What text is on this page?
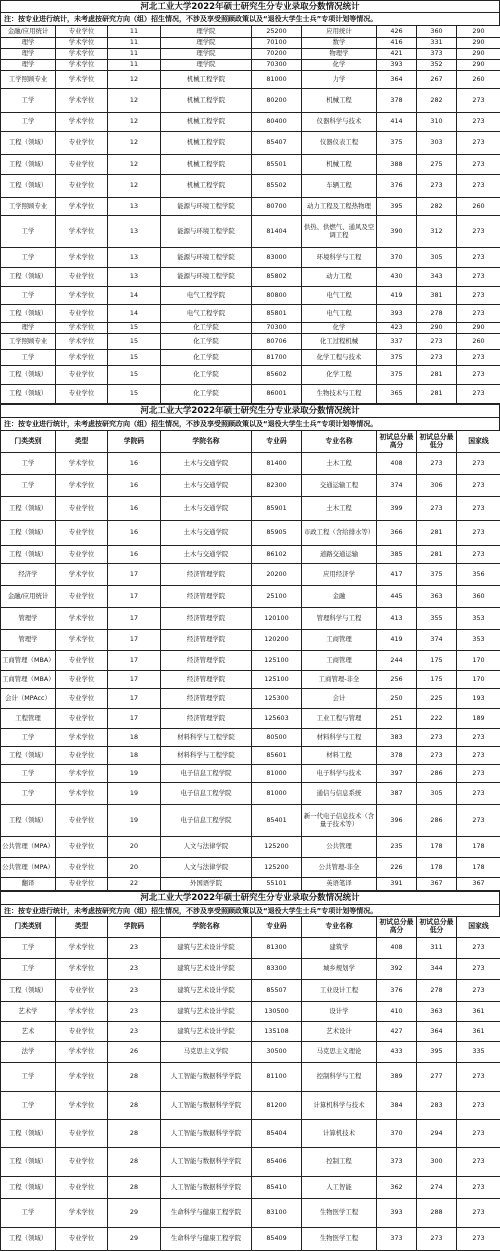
河北工业大学2022年硕士研究生分专业录取分数情况统计
注：按专业进行统计，未考虑按研究方向（组）招生情况，不涉及享受照顾政策以及“退役大学生士兵”专项计划等情况。
金融/应用统计	专业学位	11	理学院	25200	应用统计	426	360	290
理学	学术学位	11	理学院	70100	数学	416	331	290
理学	学术学位	11	理学院	70200	物理学	421	373	290
理学	学术学位	11	理学院	70300	化学	393	352	290
工学照顾专业	学术学位	12	机械工程学院	81000	力学	364	267	260
工学	学术学位	12	机械工程学院	80200	机械工程	378	282	273
工学	学术学位	12	机械工程学院	80400	仪器科学与技术	414	310	273
工程（领域）	专业学位	12	机械工程学院	85407	仪器仪表工程	375	303	273
工程（领域）	专业学位	12	机械工程学院	85501	机械工程	388	275	273
工程（领域）	专业学位	12	机械工程学院	85502	车辆工程	376	273	273
工学照顾专业	学术学位	13	能源与环境工程学院	80700	动力工程及工程热物理	395	282	260
工学	学术学位	13	能源与环境工程学院	81404	供热、供燃气、通风及空调工程	390	312	273
工学	学术学位	13	能源与环境工程学院	83000	环境科学与工程	370	305	273
工程（领域）	专业学位	13	能源与环境工程学院	85802	动力工程	430	343	273
工学	学术学位	14	电气工程学院	80800	电气工程	419	381	273
工程（领域）	专业学位	14	电气工程学院	85801	电气工程	393	278	273
理学	学术学位	15	化工学院	70300	化学	423	290	290
工学照顾专业	学术学位	15	化工学院	80706	化工过程机械	337	273	260
工学	学术学位	15	化工学院	81700	化学工程与技术	375	273	273
工程（领域）	专业学位	15	化工学院	85602	化学工程	375	281	273
工程（领域）	专业学位	15	化工学院	86001	生物技术与工程	365	281	273
河北工业大学2022年硕士研究生分专业录取分数情况统计
注：按专业进行统计，未考虑按研究方向（组）招生情况，不涉及享受照顾政策以及“退役大学生士兵”专项计划等情况。
门类类别	类型	学院码	学院名称	专业码	专业名称	初试总分最高分	初试总分最低分	国家线
工学	学术学位	16	土木与交通学院	81400	土木工程	408	273	273
工学	学术学位	16	土木与交通学院	82300	交通运输工程	374	306	273
工程（领域）	专业学位	16	土木与交通学院	85901	土木工程	399	273	273
工程（领域）	专业学位	16	土木与交通学院	85905	市政工程（含给排水等）	366	281	273
工程（领域）	专业学位	16	土木与交通学院	86102	道路交通运输	385	281	273
经济学	学术学位	17	经济管理学院	20200	应用经济学	417	375	356
金融/应用统计	专业学位	17	经济管理学院	25100	金融	445	363	360
管理学	学术学位	17	经济管理学院	120100	管理科学与工程	413	355	353
管理学	学术学位	17	经济管理学院	120200	工商管理	419	374	353
工商管理（MBA）	专业学位	17	经济管理学院	125100	工商管理	244	175	170
工商管理（MBA）	专业学位	17	经济管理学院	125100	工商管理-非全	256	175	170
会计（MPAcc）	专业学位	17	经济管理学院	125300	会计	250	225	193
工程管理	专业学位	17	经济管理学院	125603	工业工程与管理	251	222	189
工学	学术学位	18	材料科学与工程学院	80500	材料科学与工程	383	273	273
工程（领域）	专业学位	18	材料科学与工程学院	85601	材料工程	378	273	273
工学	学术学位	19	电子信息工程学院	81000	电子科学与技术	397	286	273
工学	学术学位	19	电子信息工程学院	81000	通信与信息系统	387	305	273
工程（领域）	专业学位	19	电子信息工程学院	85401	新一代电子信息技术（含量子技术等）	396	286	273
公共管理（MPA）	专业学位	20	人文与法律学院	125200	公共管理	235	178	178
公共管理（MPA）	专业学位	20	人文与法律学院	125200	公共管理-非全	226	178	178
翻译	专业学位	22	外国语学院	55101	英语笔译	391	367	367
河北工业大学2022年硕士研究生分专业录取分数情况统计
注：按专业进行统计，未考虑按研究方向（组）招生情况，不涉及享受照顾政策以及“退役大学生士兵”专项计划等情况。
门类类别	类型	学院码	学院名称	专业码	专业名称	初试总分最高分	初试总分最低分	国家线
工学	学术学位	23	建筑与艺术设计学院	81300	建筑学	408	311	273
工学	学术学位	23	建筑与艺术设计学院	83300	城乡规划学	392	344	273
工程（领域）	专业学位	23	建筑与艺术设计学院	85507	工业设计工程	376	278	273
艺术学	学术学位	23	建筑与艺术设计学院	130500	设计学	410	363	361
艺术	专业学位	23	建筑与艺术设计学院	135108	艺术设计	427	364	361
法学	学术学位	26	马克思主义学院	30500	马克思主义理论	433	395	335
工学	学术学位	28	人工智能与数据科学学院	81100	控制科学与工程	389	277	273
工学	学术学位	28	人工智能与数据科学学院	81200	计算机科学与技术	384	283	273
工程（领域）	专业学位	28	人工智能与数据科学学院	85404	计算机技术	370	294	273
工程（领域）	专业学位	28	人工智能与数据科学学院	85406	控制工程	373	300	273
工程（领域）	专业学位	28	人工智能与数据科学学院	85410	人工智能	362	274	273
工学	学术学位	29	生命科学与健康工程学院	83100	生物医学工程	393	288	273
工程（领域）	专业学位	29	生命科学与健康工程学院	85409	生物医学工程	373	273	273
